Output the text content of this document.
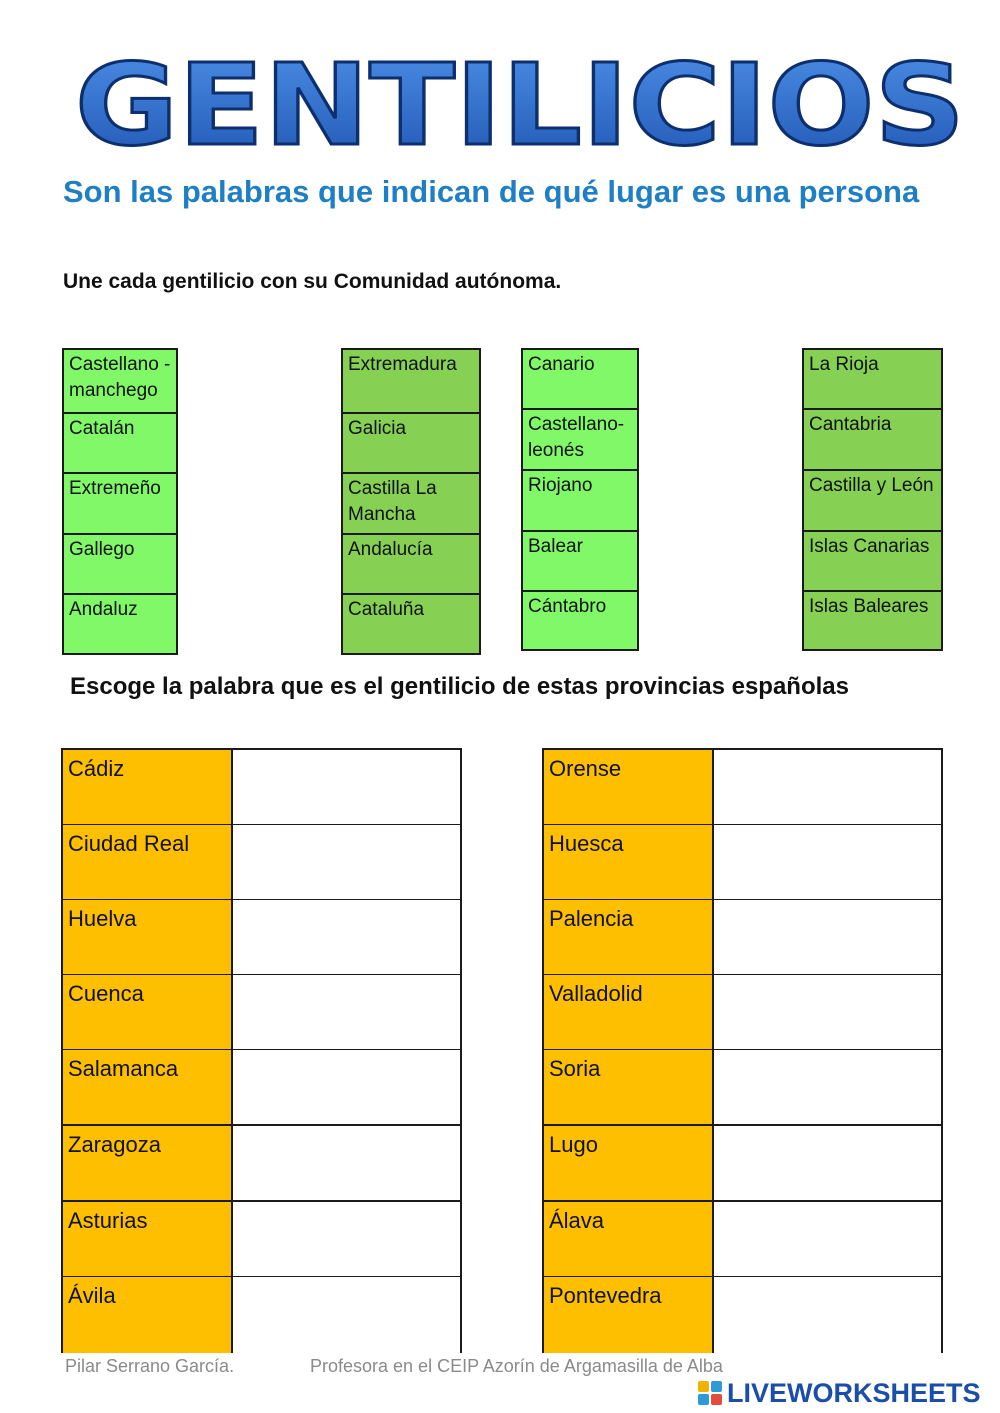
GENTILICIOS
Son las palabras que indican de qué lugar es una persona
Une cada gentilicio con su Comunidad autónoma.
Castellano -manchego
Catalán
Extremeño
Gallego
Andaluz
Extremadura
Galicia
Castilla La Mancha
Andalucía
Cataluña
Canario
Castellano- leonés
Riojano
Balear
Cántabro
La Rioja
Cantabria
Castilla y León
Islas Canarias
Islas Baleares
Escoge la palabra que es el gentilicio de estas provincias españolas
Cádiz
Ciudad Real
Huelva
Cuenca
Salamanca
Zaragoza
Asturias
Ávila
Orense
Huesca
Palencia
Valladolid
Soria
Lugo
Álava
Pontevedra
Pilar Serrano García.	Profesora en el CEIP Azorín de Argamasilla de Alba
LIVEWORKSHEETS
